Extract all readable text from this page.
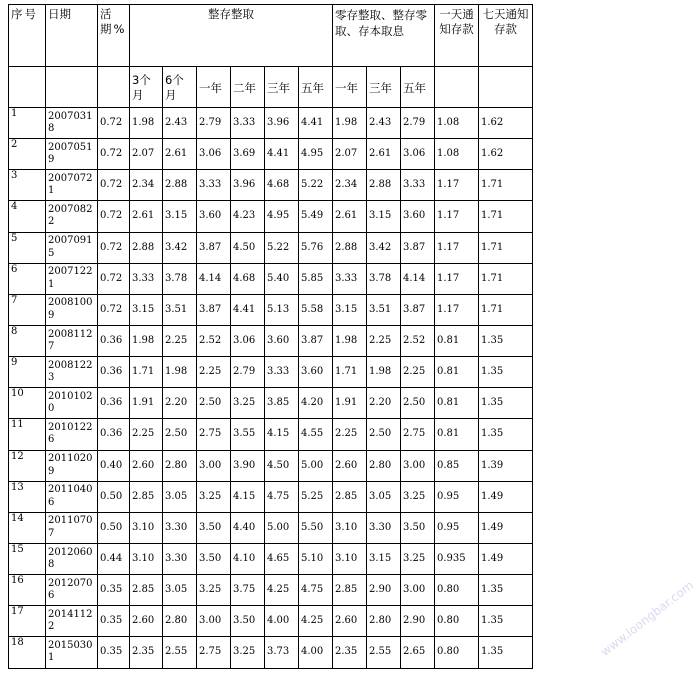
序号	日期	活期%	整存整取						零存整取、整存零取、存本取息			一天通知存款	七天通知存款
			3个月	6个月	一年	二年	三年	五年	一年	三年	五年		
1	20070318	0.72	1.98	2.43	2.79	3.33	3.96	4.41	1.98	2.43	2.79	1.08	1.62
2	20070519	0.72	2.07	2.61	3.06	3.69	4.41	4.95	2.07	2.61	3.06	1.08	1.62
3	20070721	0.72	2.34	2.88	3.33	3.96	4.68	5.22	2.34	2.88	3.33	1.17	1.71
4	20070822	0.72	2.61	3.15	3.60	4.23	4.95	5.49	2.61	3.15	3.60	1.17	1.71
5	20070915	0.72	2.88	3.42	3.87	4.50	5.22	5.76	2.88	3.42	3.87	1.17	1.71
6	20071221	0.72	3.33	3.78	4.14	4.68	5.40	5.85	3.33	3.78	4.14	1.17	1.71
7	20081009	0.72	3.15	3.51	3.87	4.41	5.13	5.58	3.15	3.51	3.87	1.17	1.71
8	20081127	0.36	1.98	2.25	2.52	3.06	3.60	3.87	1.98	2.25	2.52	0.81	1.35
9	20081223	0.36	1.71	1.98	2.25	2.79	3.33	3.60	1.71	1.98	2.25	0.81	1.35
10	20101020	0.36	1.91	2.20	2.50	3.25	3.85	4.20	1.91	2.20	2.50	0.81	1.35
11	20101226	0.36	2.25	2.50	2.75	3.55	4.15	4.55	2.25	2.50	2.75	0.81	1.35
12	20110209	0.40	2.60	2.80	3.00	3.90	4.50	5.00	2.60	2.80	3.00	0.85	1.39
13	20110406	0.50	2.85	3.05	3.25	4.15	4.75	5.25	2.85	3.05	3.25	0.95	1.49
14	20110707	0.50	3.10	3.30	3.50	4.40	5.00	5.50	3.10	3.30	3.50	0.95	1.49
15	20120608	0.44	3.10	3.30	3.50	4.10	4.65	5.10	3.10	3.15	3.25	0.935	1.49
16	20120706	0.35	2.85	3.05	3.25	3.75	4.25	4.75	2.85	2.90	3.00	0.80	1.35
17	20141122	0.35	2.60	2.80	3.00	3.50	4.00	4.25	2.60	2.80	2.90	0.80	1.35
18	20150301	0.35	2.35	2.55	2.75	3.25	3.73	4.00	2.35	2.55	2.65	0.80	1.35	www.loongbar.com
